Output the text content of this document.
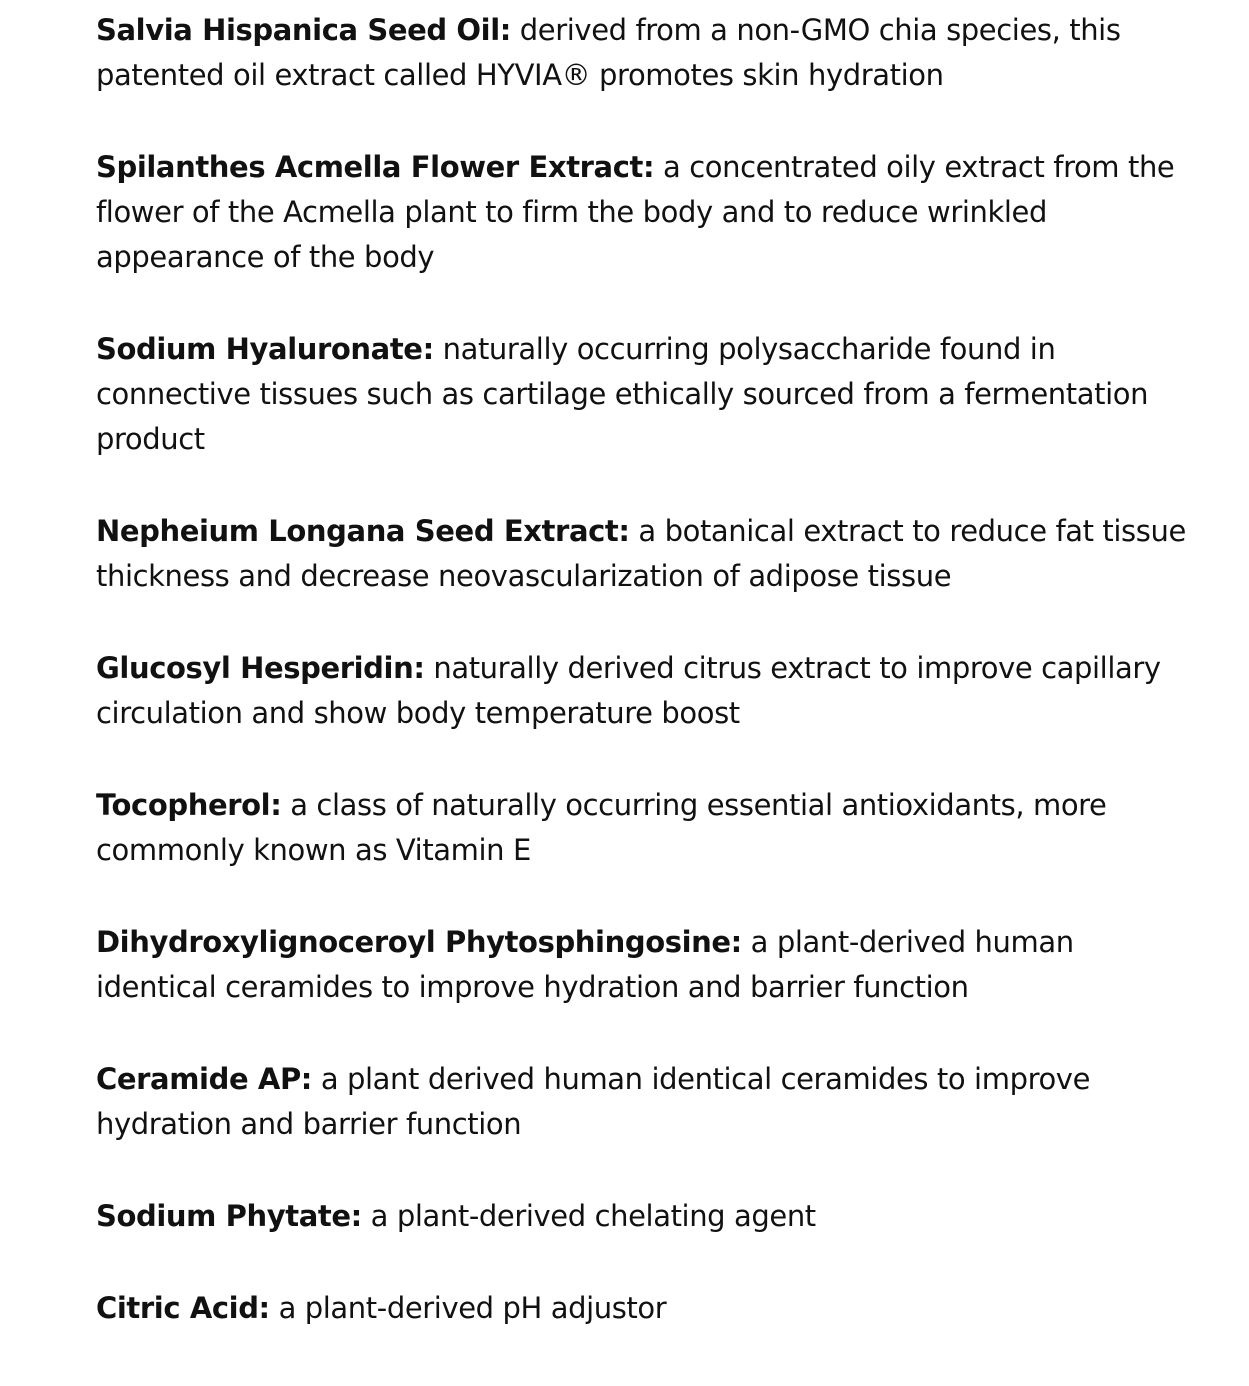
Salvia Hispanica Seed Oil: derived from a non-GMO chia species, this patented oil extract called HYVIA® promotes skin hydration
Spilanthes Acmella Flower Extract: a concentrated oily extract from the flower of the Acmella plant to firm the body and to reduce wrinkled appearance of the body
Sodium Hyaluronate: naturally occurring polysaccharide found in connective tissues such as cartilage ethically sourced from a fermentation product
Nepheium Longana Seed Extract: a botanical extract to reduce fat tissue thickness and decrease neovascularization of adipose tissue
Glucosyl Hesperidin: naturally derived citrus extract to improve capillary circulation and show body temperature boost
Tocopherol: a class of naturally occurring essential antioxidants, more commonly known as Vitamin E
Dihydroxylignoceroyl Phytosphingosine: a plant-derived human identical ceramides to improve hydration and barrier function
Ceramide AP: a plant derived human identical ceramides to improve hydration and barrier function
Sodium Phytate: a plant-derived chelating agent
Citric Acid: a plant-derived pH adjustor
